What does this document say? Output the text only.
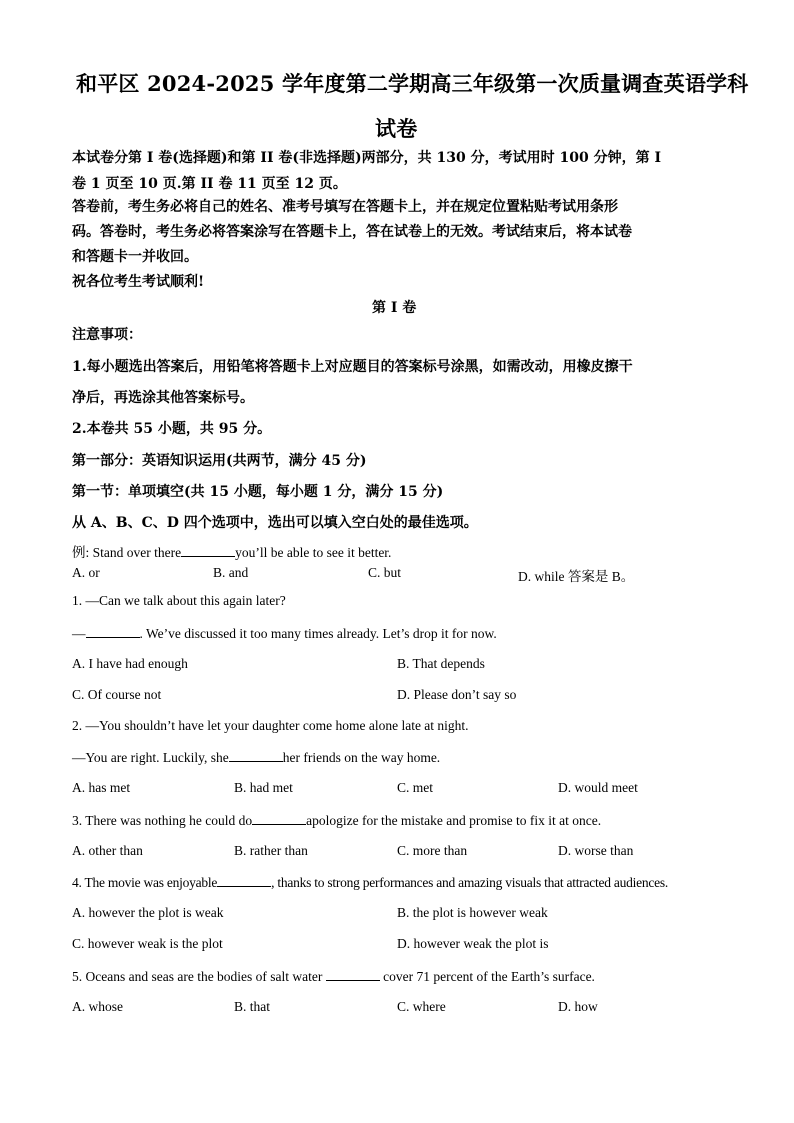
和平区 2024-2025 学年度第二学期高三年级第一次质量调查英语学科
试卷
本试卷分第 I 卷(选择题)和第 II 卷(非选择题)两部分，共 130 分，考试用时 100 分钟，第 I
卷 1 页至 10 页.第 II 卷 11 页至 12 页。
答卷前，考生务必将自己的姓名、准考号填写在答题卡上，并在规定位置粘贴考试用条形
码。答卷时，考生务必将答案涂写在答题卡上，答在试卷上的无效。考试结束后，将本试卷
和答题卡一并收回。
祝各位考生考试顺利!
第 I 卷
注意事项：
1.每小题选出答案后，用铅笔将答题卡上对应题目的答案标号涂黑，如需改动，用橡皮擦干
净后，再选涂其他答案标号。
2.本卷共 55 小题，共 95 分。
第一部分：英语知识运用(共两节，满分 45 分)
第一节：单项填空(共 15 小题，每小题 1 分，满分 15 分)
从 A、B、C、D 四个选项中，选出可以填入空白处的最佳选项。
例: Stand over there	you’ll be able to see it better.
A. or	B. and	C. but	D. while 答案是 B。
1. —Can we talk about this again later?
—	. We’ve discussed it too many times already. Let’s drop it for now.
A. I have had enough	B. That depends
C. Of course not	D. Please don’t say so
2. —You shouldn’t have let your daughter come home alone late at night.
—You are right. Luckily, she	her friends on the way home.
A. has met	B. had met	C. met	D. would meet
3. There was nothing he could do	apologize for the mistake and promise to fix it at once.
A. other than	B. rather than	C. more than	D. worse than
4. The movie was enjoyable	, thanks to strong performances and amazing visuals that attracted audiences.
A. however the plot is weak	B. the plot is however weak
C. however weak is the plot	D. however weak the plot is
5. Oceans and seas are the bodies of salt water	cover 71 percent of the Earth’s surface.
A. whose	B. that	C. where	D. how
